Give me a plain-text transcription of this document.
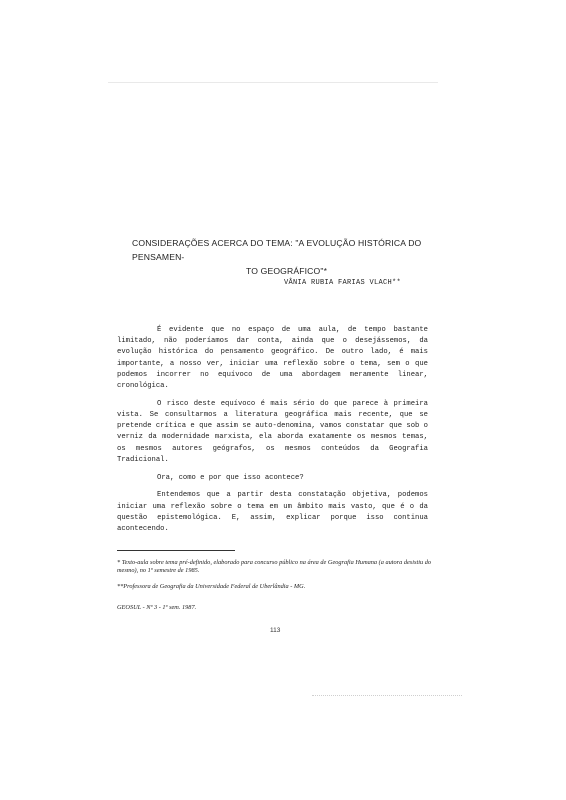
CONSIDERAÇÕES ACERCA DO TEMA: "A EVOLUÇÃO HISTÓRICA DO PENSAMEN-
TO GEOGRÁFICO"*
VÂNIA RUBIA FARIAS VLACH**

É evidente que no espaço de uma aula, de tempo bastante limitado, não poderíamos dar conta, ainda que o desejássemos, da evolução histórica do pensamento geográfico. De outro lado, é mais importante, a nosso ver, iniciar uma reflexão sobre o tema, sem o que podemos incorrer no equívoco de uma abordagem meramente linear, cronológica.

O risco deste equívoco é mais sério do que parece à primeira vista. Se consultarmos a literatura geográfica mais recente, que se pretende crítica e que assim se auto-denomina, vamos constatar que sob o verniz da modernidade marxista, ela aborda exatamente os mesmos temas, os mesmos autores geógrafos, os mesmos conteúdos da Geografia Tradicional.

Ora, como e por que isso acontece?

Entendemos que a partir desta constatação objetiva, podemos iniciar uma reflexão sobre o tema em um âmbito mais vasto, que é o da questão epistemológica. E, assim, explicar porque isso continua acontecendo.

* Texto-aula sobre tema pré-definido, elaborado para concurso público na área de Geografia Humana (a autora desistiu do mesmo), no 1º semestre de 1985.

**Professora de Geografia da Universidade Federal de Uberlândia - MG.

GEOSUL - Nº 3 - 1º sem. 1987.
113
